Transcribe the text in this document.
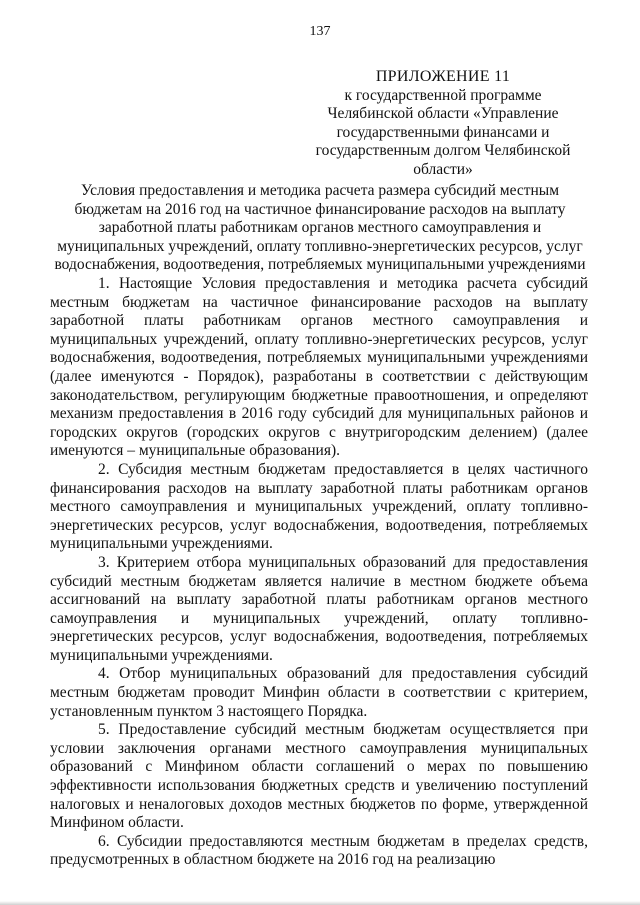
137
ПРИЛОЖЕНИЕ 11
к государственной программе Челябинской области «Управление государственными финансами и государственным долгом Челябинской области»
Условия предоставления и методика расчета размера субсидий местным бюджетам на 2016 год на частичное финансирование расходов на выплату заработной платы работникам органов местного самоуправления и муниципальных учреждений, оплату топливно-энергетических ресурсов, услуг водоснабжения, водоотведения, потребляемых муниципальными учреждениями

1. Настоящие Условия предоставления и методика расчета субсидий местным бюджетам на частичное финансирование расходов на выплату заработной платы работникам органов местного самоуправления и муниципальных учреждений, оплату топливно-энергетических ресурсов, услуг водоснабжения, водоотведения, потребляемых муниципальными учреждениями (далее именуются - Порядок), разработаны в соответствии с действующим законодательством, регулирующим бюджетные правоотношения, и определяют механизм предоставления в 2016 году субсидий для муниципальных районов и городских округов (городских округов с внутригородским делением) (далее именуются – муниципальные образования).

2. Субсидия местным бюджетам предоставляется в целях частичного финансирования расходов на выплату заработной платы работникам органов местного самоуправления и муниципальных учреждений, оплату топливно-энергетических ресурсов, услуг водоснабжения, водоотведения, потребляемых муниципальными учреждениями.

3. Критерием отбора муниципальных образований для предоставления субсидий местным бюджетам является наличие в местном бюджете объема ассигнований на выплату заработной платы работникам органов местного самоуправления и муниципальных учреждений, оплату топливно-энергетических ресурсов, услуг водоснабжения, водоотведения, потребляемых муниципальными учреждениями.

4. Отбор муниципальных образований для предоставления субсидий местным бюджетам проводит Минфин области в соответствии с критерием, установленным пунктом 3 настоящего Порядка.

5. Предоставление субсидий местным бюджетам осуществляется при условии заключения органами местного самоуправления муниципальных образований с Минфином области соглашений о мерах по повышению эффективности использования бюджетных средств и увеличению поступлений налоговых и неналоговых доходов местных бюджетов по форме, утвержденной Минфином области.

6. Субсидии предоставляются местным бюджетам в пределах средств, предусмотренных в областном бюджете на 2016 год на реализацию
